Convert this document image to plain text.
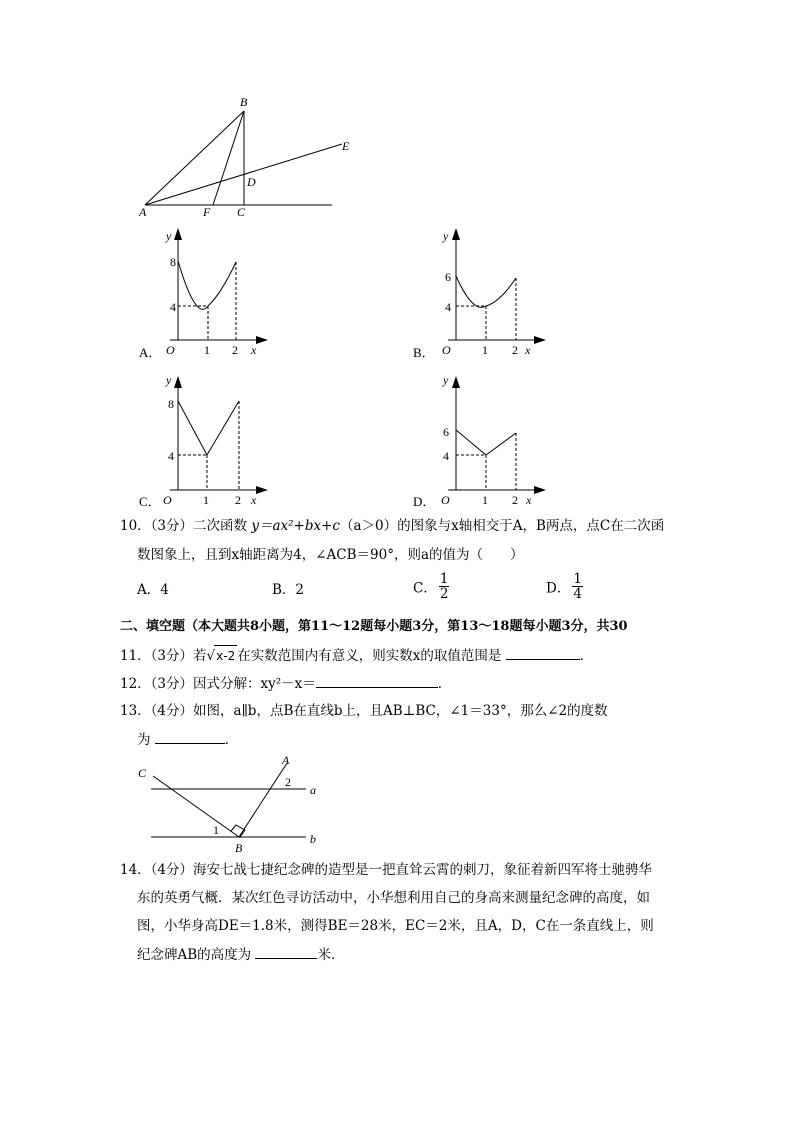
B
E
D
A	F C
y
8
4
O 1 2 x
A．
y
6
4
O	1 2 x
B．
y
8
4
O	1 2 x
C．
y
6
4
O	1 2 x
D．
10．（3分）二次函数 y＝ax²+bx+c（a＞0）的图象与x轴相交于A，B两点，点C在二次函
数图象上，且到x轴距离为4，∠ACB＝90°，则a的值为（　　）
A．4	B．2	C． $\frac{1}{2}$	D． $\frac{1}{4}$
二、填空题（本大题共8小题，第11～12题每小题3分，第13～18题每小题3分，共30
11．（3分）若√x-2 在实数范围内有意义，则实数x的取值范围是	．
12．（3分）因式分解：xy²－x＝	．
13．（4分）如图，a∥b，点B在直线b上，且AB⊥BC，∠1＝33°，那么∠2的度数
为	．
C
A
2
a
b
1
B
14．（4分）海安七战七捷纪念碑的造型是一把直耸云霄的刺刀，象征着新四军将士驰骋华
东的英勇气概．某次红色寻访活动中，小华想利用自己的身高来测量纪念碑的高度，如
图，小华身高DE＝1.8米，测得BE＝28米，EC＝2米，且A，D，C在一条直线上，则
纪念碑AB的高度为	米．
